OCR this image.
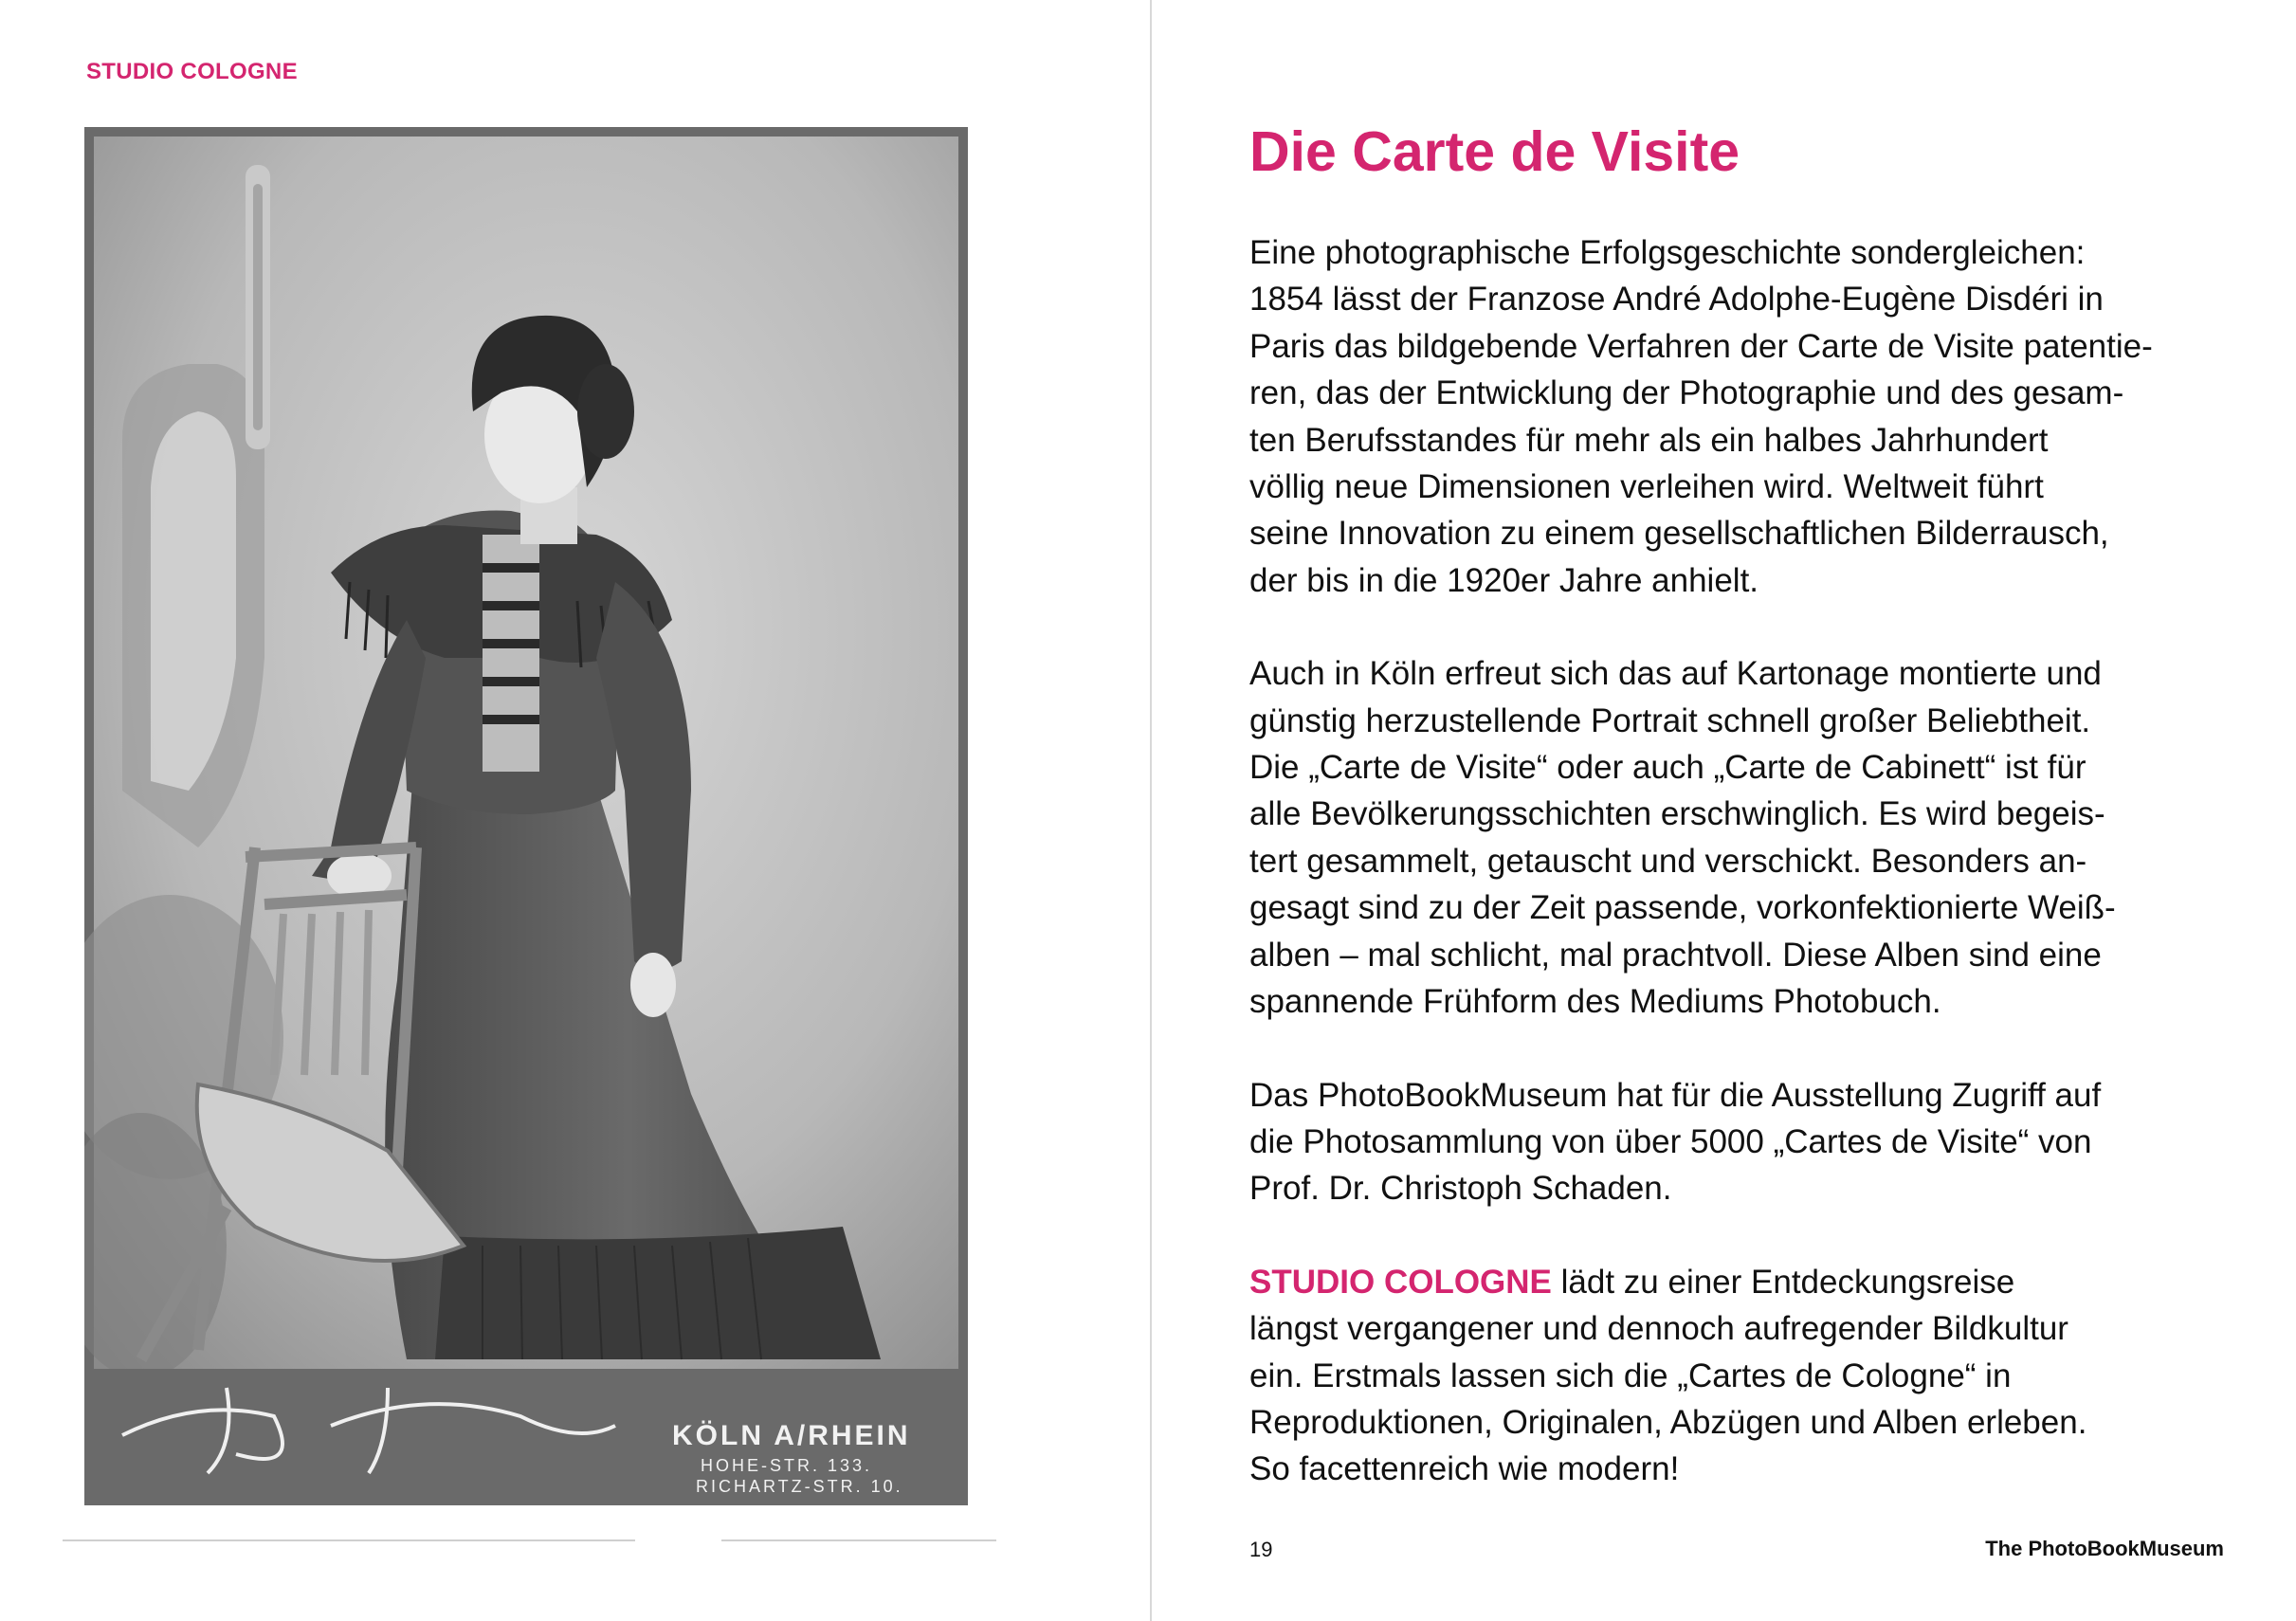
STUDIO COLOGNE
KÖLN A/RHEIN
HOHE-STR. 133.
RICHARTZ-STR. 10.
Die Carte de Visite

Eine photographische Erfolgsgeschichte sondergleichen:
1854 lässt der Franzose André Adolphe-Eugène Disdéri in
Paris das bildgebende Verfahren der Carte de Visite patentie-
ren, das der Entwicklung der Photographie und des gesam-
ten Berufsstandes für mehr als ein halbes Jahrhundert
völlig neue Dimensionen verleihen wird. Weltweit führt
seine Innovation zu einem gesellschaftlichen Bilderrausch,
der bis in die 1920er Jahre anhielt.

Auch in Köln erfreut sich das auf Kartonage montierte und
günstig herzustellende Portrait schnell großer Beliebtheit.
Die „Carte de Visite“ oder auch „Carte de Cabinett“ ist für
alle Bevölkerungsschichten erschwinglich. Es wird begeis-
tert gesammelt, getauscht und verschickt. Besonders an-
gesagt sind zu der Zeit passende, vorkonfektionierte Weiß-
alben – mal schlicht, mal prachtvoll. Diese Alben sind eine
spannende Frühform des Mediums Photobuch.

Das PhotoBookMuseum hat für die Ausstellung Zugriff auf
die Photosammlung von über 5000 „Cartes de Visite“ von
Prof. Dr. Christoph Schaden.

STUDIO COLOGNE lädt zu einer Entdeckungsreise
längst vergangener und dennoch aufregender Bildkultur
ein. Erstmals lassen sich die „Cartes de Cologne“ in
Reproduktionen, Originalen, Abzügen und Alben erleben.
So facettenreich wie modern!

19	The PhotoBookMuseum
